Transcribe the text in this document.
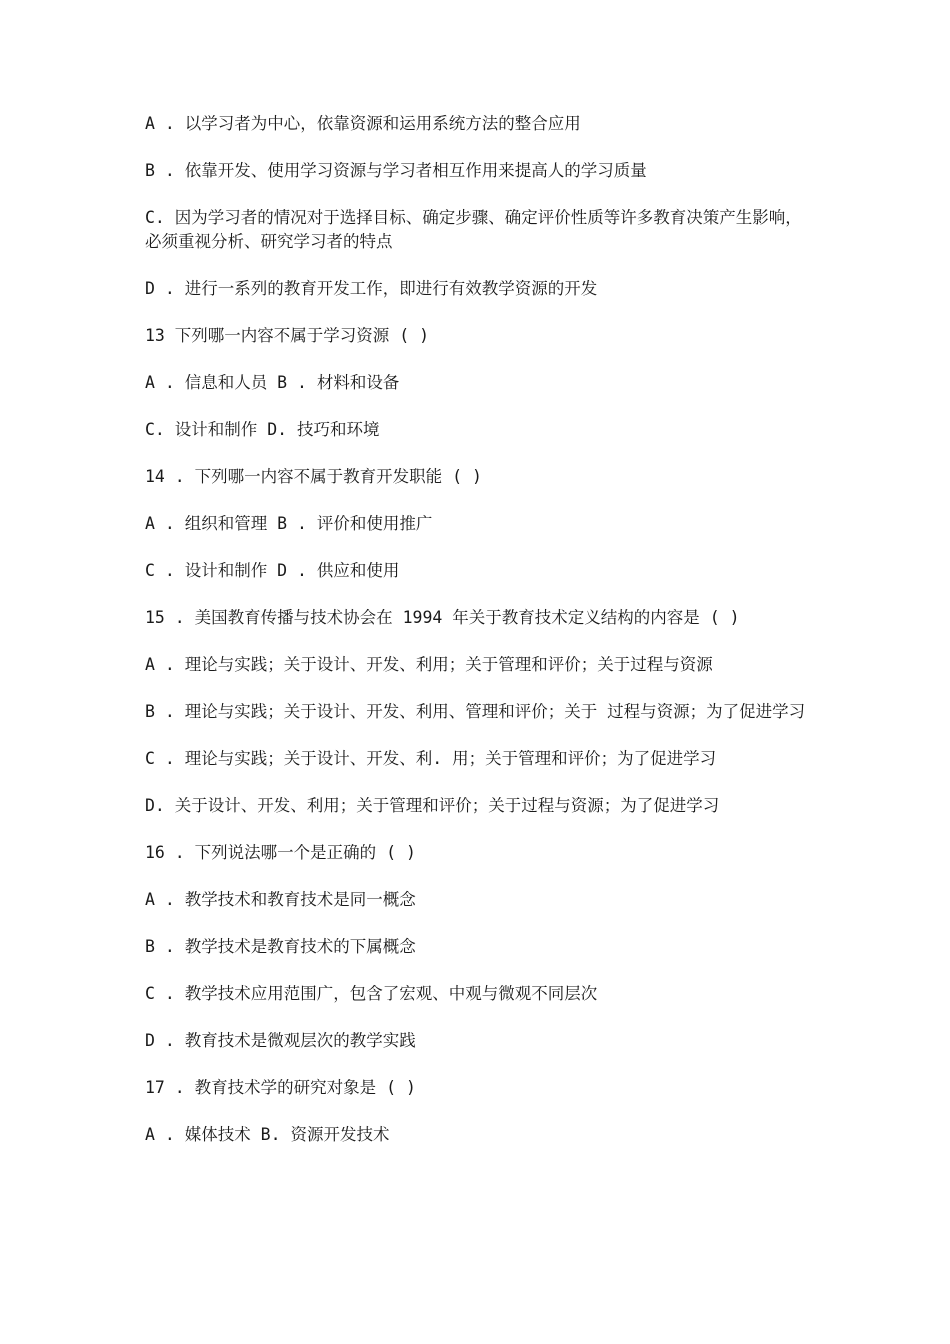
A . 以学习者为中心，依靠资源和运用系统方法的整合应用

B . 依靠开发、使用学习资源与学习者相互作用来提高人的学习质量

C. 因为学习者的情况对于选择目标、确定步骤、确定评价性质等许多教育决策产生影响，必须重视分析、研究学习者的特点

D . 进行一系列的教育开发工作，即进行有效教学资源的开发

13 下列哪一内容不属于学习资源 ( )

A . 信息和人员 B . 材料和设备

C. 设计和制作 D. 技巧和环境

14 . 下列哪一内容不属于教育开发职能 ( )

A . 组织和管理 B . 评价和使用推广

C . 设计和制作 D . 供应和使用

15 . 美国教育传播与技术协会在 1994 年关于教育技术定义结构的内容是 ( )

A . 理论与实践；关于设计、开发、利用；关于管理和评价；关于过程与资源

B . 理论与实践；关于设计、开发、利用、管理和评价；关于 过程与资源；为了促进学习

C . 理论与实践；关于设计、开发、利. 用；关于管理和评价；为了促进学习

D. 关于设计、开发、利用；关于管理和评价；关于过程与资源；为了促进学习

16 . 下列说法哪一个是正确的 ( )

A . 教学技术和教育技术是同一概念

B . 教学技术是教育技术的下属概念

C . 教学技术应用范围广，包含了宏观、中观与微观不同层次

D . 教育技术是微观层次的教学实践

17 . 教育技术学的研究对象是 ( )

A . 媒体技术 B. 资源开发技术
